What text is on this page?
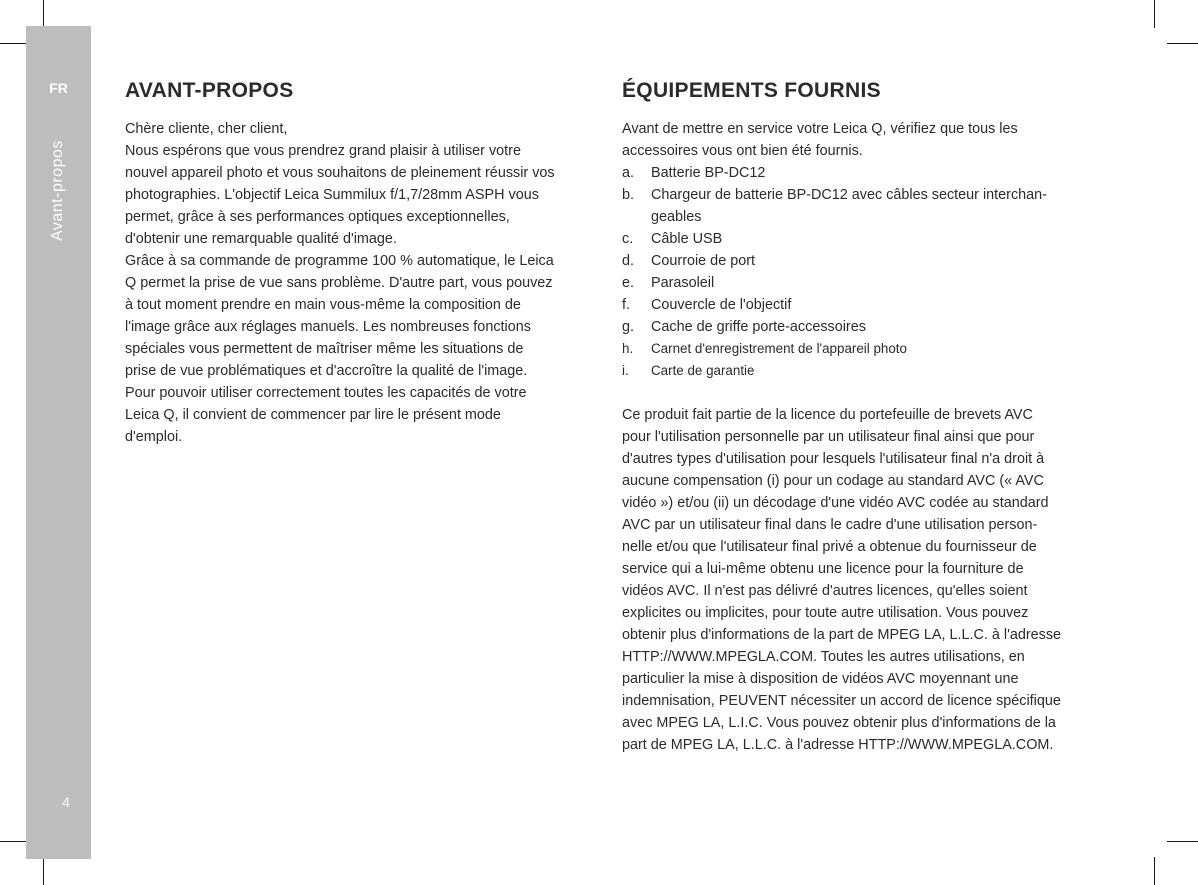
FR
Avant-propos
4
AVANT-PROPOS

Chère cliente, cher client,

Nous espérons que vous prendrez grand plaisir à utiliser votre

nouvel appareil photo et vous souhaitons de pleinement réussir vos

photographies. L'objectif Leica Summilux f/1,7/28mm ASPH vous

permet, grâce à ses performances optiques exceptionnelles,

d'obtenir une remarquable qualité d'image.

Grâce à sa commande de programme 100 % automatique, le Leica

Q permet la prise de vue sans problème. D'autre part, vous pouvez

à tout moment prendre en main vous-même la composition de

l'image grâce aux réglages manuels. Les nombreuses fonctions

spéciales vous permettent de maîtriser même les situations de

prise de vue problématiques et d'accroître la qualité de l'image.

Pour pouvoir utiliser correctement toutes les capacités de votre

Leica Q, il convient de commencer par lire le présent mode

d'emploi.

ÉQUIPEMENTS FOURNIS

Avant de mettre en service votre Leica Q, vérifiez que tous les

accessoires vous ont bien été fournis.

a. Batterie BP-DC12
b. Chargeur de batterie BP-DC12 avec câbles secteur interchan-
geables
c. Câble USB
d. Courroie de port
e. Parasoleil
f. Couvercle de l'objectif
g. Cache de griffe porte-accessoires
h. Carnet d'enregistrement de l'appareil photo
i. Carte de garantie

Ce produit fait partie de la licence du portefeuille de brevets AVC

pour l'utilisation personnelle par un utilisateur final ainsi que pour

d'autres types d'utilisation pour lesquels l'utilisateur final n'a droit à

aucune compensation (i) pour un codage au standard AVC (« AVC

vidéo ») et/ou (ii) un décodage d'une vidéo AVC codée au standard

AVC par un utilisateur final dans le cadre d'une utilisation person-

nelle et/ou que l'utilisateur final privé a obtenue du fournisseur de

service qui a lui-même obtenu une licence pour la fourniture de

vidéos AVC. Il n'est pas délivré d'autres licences, qu'elles soient

explicites ou implicites, pour toute autre utilisation. Vous pouvez

obtenir plus d'informations de la part de MPEG LA, L.L.C. à l'adresse

HTTP://WWW.MPEGLA.COM. Toutes les autres utilisations, en

particulier la mise à disposition de vidéos AVC moyennant une

indemnisation, PEUVENT nécessiter un accord de licence spécifique

avec MPEG LA, L.I.C. Vous pouvez obtenir plus d'informations de la

part de MPEG LA, L.L.C. à l'adresse HTTP://WWW.MPEGLA.COM.
